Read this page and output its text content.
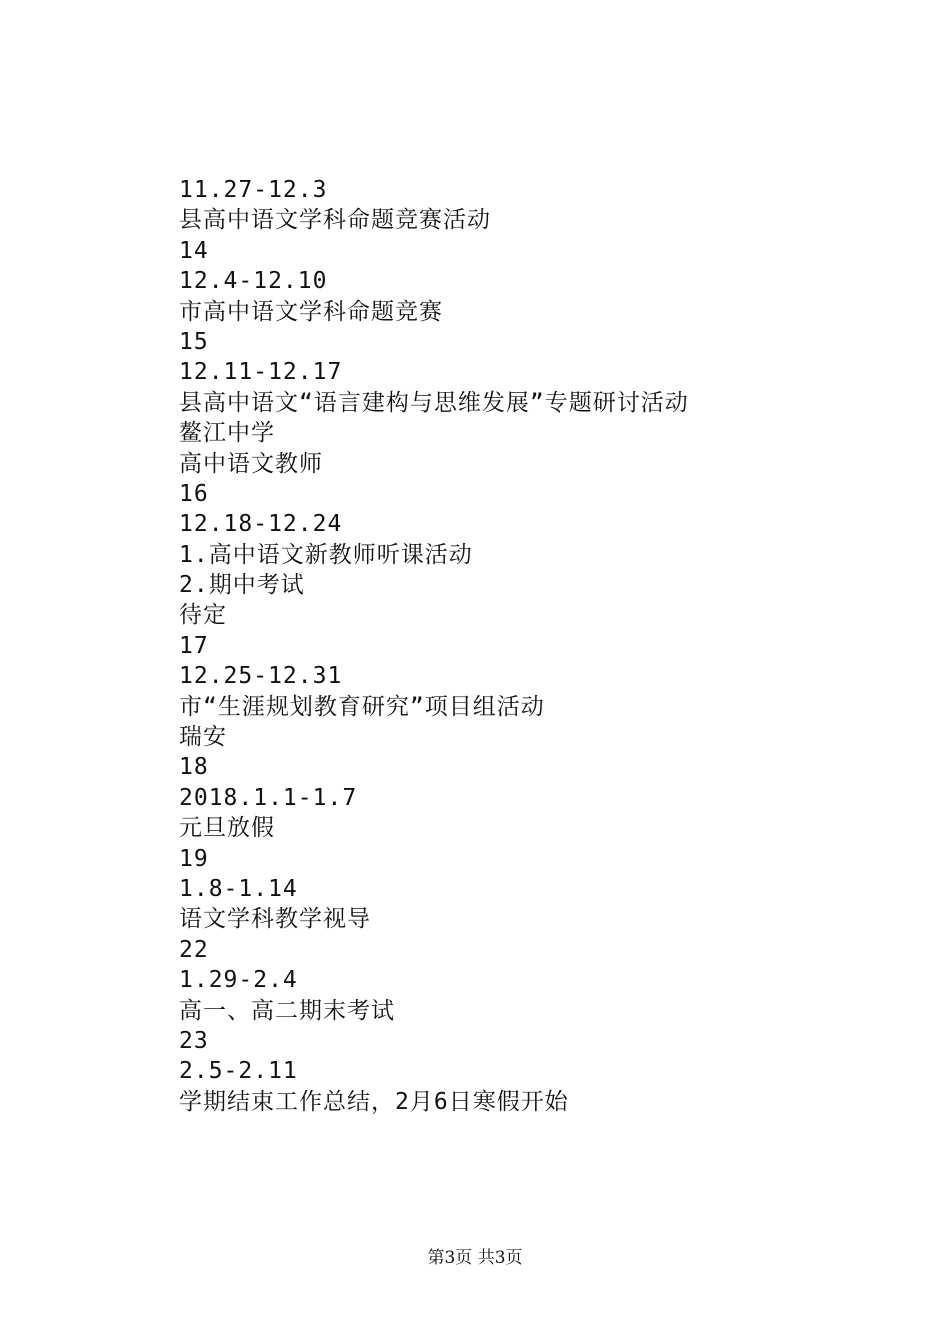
11.27-12.3
县高中语文学科命题竞赛活动
14
12.4-12.10
市高中语文学科命题竞赛
15
12.11-12.17
县高中语文“语言建构与思维发展”专题研讨活动
鳌江中学
高中语文教师
16
12.18-12.24
1.高中语文新教师听课活动
2.期中考试
待定
17
12.25-12.31
市“生涯规划教育研究”项目组活动
瑞安
18
2018.1.1-1.7
元旦放假
19
1.8-1.14
语文学科教学视导
22
1.29-2.4
高一、高二期末考试
23
2.5-2.11
学期结束工作总结，2月6日寒假开始
第3页 共3页
